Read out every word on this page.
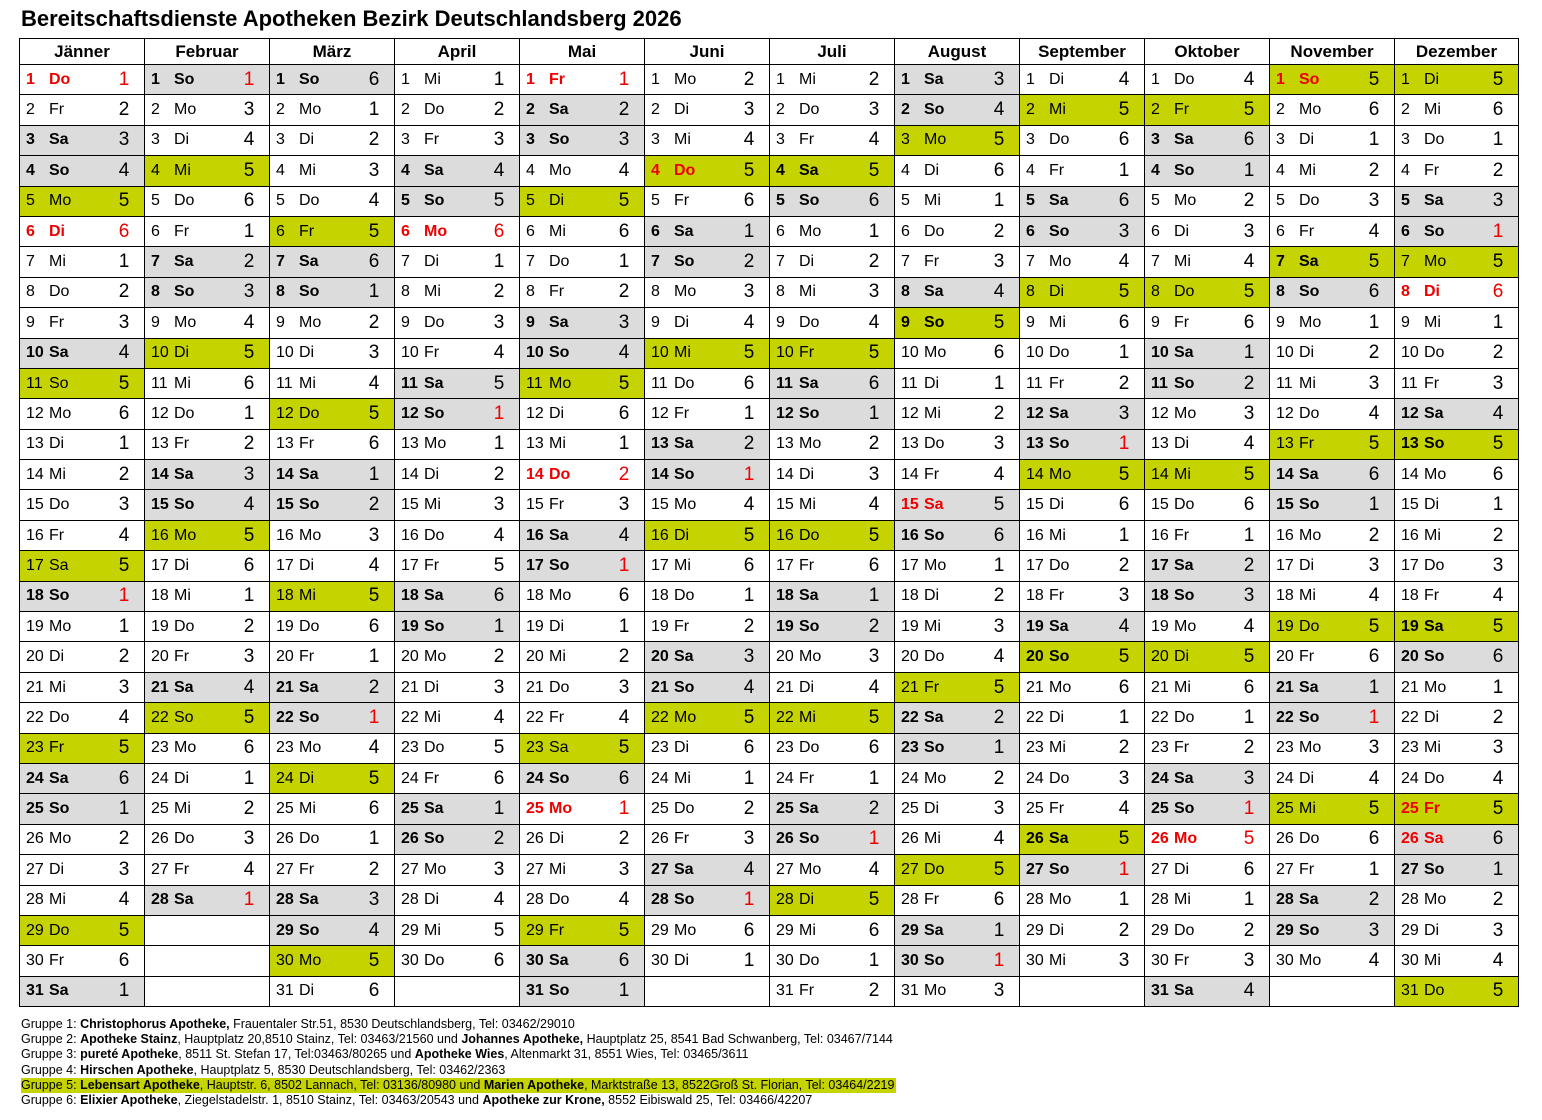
Bereitschaftsdienste Apotheken Bezirk Deutschlandsberg 2026
Jänner	Februar	März	April	Mai	Juni	Juli	August	September	Oktober	November	Dezember

1 Do 1	1 So 1	1 So 6	1 Mi 1	1 Fr 1	1 Mo 2	1 Mi 2	1 Sa 3	1 Di 4	1 Do 4	1 So 5	1 Di 5

2 Fr 2	2 Mo 3	2 Mo 1	2 Do 2	2 Sa 2	2 Di 3	2 Do 3	2 So 4	2 Mi 5	2 Fr 5	2 Mo 6	2 Mi 6

3 Sa 3	3 Di 4	3 Di 2	3 Fr 3	3 So 3	3 Mi 4	3 Fr 4	3 Mo 5	3 Do 6	3 Sa 6	3 Di 1	3 Do 1

4 So 4	4 Mi 5	4 Mi 3	4 Sa 4	4 Mo 4	4 Do 5	4 Sa 5	4 Di 6	4 Fr 1	4 So 1	4 Mi 2	4 Fr 2

5 Mo 5	5 Do 6	5 Do 4	5 So 5	5 Di 5	5 Fr 6	5 So 6	5 Mi 1	5 Sa 6	5 Mo 2	5 Do 3	5 Sa 3

6 Di 6	6 Fr 1	6 Fr 5	6 Mo 6	6 Mi 6	6 Sa 1	6 Mo 1	6 Do 2	6 So 3	6 Di 3	6 Fr 4	6 So 1

7 Mi 1	7 Sa 2	7 Sa 6	7 Di 1	7 Do 1	7 So 2	7 Di 2	7 Fr 3	7 Mo 4	7 Mi 4	7 Sa 5	7 Mo 5

8 Do 2	8 So 3	8 So 1	8 Mi 2	8 Fr 2	8 Mo 3	8 Mi 3	8 Sa 4	8 Di 5	8 Do 5	8 So 6	8 Di 6

9 Fr 3	9 Mo 4	9 Mo 2	9 Do 3	9 Sa 3	9 Di 4	9 Do 4	9 So 5	9 Mi 6	9 Fr 6	9 Mo 1	9 Mi 1

10 Sa 4	10 Di 5	10 Di 3	10 Fr 4	10 So 4	10 Mi 5	10 Fr 5	10 Mo 6	10 Do 1	10 Sa 1	10 Di 2	10 Do 2

11 So 5	11 Mi 6	11 Mi 4	11 Sa 5	11 Mo 5	11 Do 6	11 Sa 6	11 Di 1	11 Fr 2	11 So 2	11 Mi 3	11 Fr 3

12 Mo 6	12 Do 1	12 Do 5	12 So 1	12 Di 6	12 Fr 1	12 So 1	12 Mi 2	12 Sa 3	12 Mo 3	12 Do 4	12 Sa 4

13 Di 1	13 Fr 2	13 Fr 6	13 Mo 1	13 Mi 1	13 Sa 2	13 Mo 2	13 Do 3	13 So 1	13 Di 4	13 Fr 5	13 So 5

14 Mi 2	14 Sa 3	14 Sa 1	14 Di 2	14 Do 2	14 So 1	14 Di 3	14 Fr 4	14 Mo 5	14 Mi 5	14 Sa 6	14 Mo 6

15 Do 3	15 So 4	15 So 2	15 Mi 3	15 Fr 3	15 Mo 4	15 Mi 4	15 Sa 5	15 Di 6	15 Do 6	15 So 1	15 Di 1

16 Fr 4	16 Mo 5	16 Mo 3	16 Do 4	16 Sa 4	16 Di 5	16 Do 5	16 So 6	16 Mi 1	16 Fr 1	16 Mo 2	16 Mi 2

17 Sa 5	17 Di 6	17 Di 4	17 Fr 5	17 So 1	17 Mi 6	17 Fr 6	17 Mo 1	17 Do 2	17 Sa 2	17 Di 3	17 Do 3

18 So 1	18 Mi 1	18 Mi 5	18 Sa 6	18 Mo 6	18 Do 1	18 Sa 1	18 Di 2	18 Fr 3	18 So 3	18 Mi 4	18 Fr 4

19 Mo 1	19 Do 2	19 Do 6	19 So 1	19 Di 1	19 Fr 2	19 So 2	19 Mi 3	19 Sa 4	19 Mo 4	19 Do 5	19 Sa 5

20 Di 2	20 Fr 3	20 Fr 1	20 Mo 2	20 Mi 2	20 Sa 3	20 Mo 3	20 Do 4	20 So 5	20 Di 5	20 Fr 6	20 So 6

21 Mi 3	21 Sa 4	21 Sa 2	21 Di 3	21 Do 3	21 So 4	21 Di 4	21 Fr 5	21 Mo 6	21 Mi 6	21 Sa 1	21 Mo 1

22 Do 4	22 So 5	22 So 1	22 Mi 4	22 Fr 4	22 Mo 5	22 Mi 5	22 Sa 2	22 Di 1	22 Do 1	22 So 1	22 Di 2

23 Fr 5	23 Mo 6	23 Mo 4	23 Do 5	23 Sa 5	23 Di 6	23 Do 6	23 So 1	23 Mi 2	23 Fr 2	23 Mo 3	23 Mi 3

24 Sa 6	24 Di 1	24 Di 5	24 Fr 6	24 So 6	24 Mi 1	24 Fr 1	24 Mo 2	24 Do 3	24 Sa 3	24 Di 4	24 Do 4

25 So 1	25 Mi 2	25 Mi 6	25 Sa 1	25 Mo 1	25 Do 2	25 Sa 2	25 Di 3	25 Fr 4	25 So 1	25 Mi 5	25 Fr 5

26 Mo 2	26 Do 3	26 Do 1	26 So 2	26 Di 2	26 Fr 3	26 So 1	26 Mi 4	26 Sa 5	26 Mo 5	26 Do 6	26 Sa 6

27 Di 3	27 Fr 4	27 Fr 2	27 Mo 3	27 Mi 3	27 Sa 4	27 Mo 4	27 Do 5	27 So 1	27 Di 6	27 Fr 1	27 So 1

28 Mi 4	28 Sa 1	28 Sa 3	28 Di 4	28 Do 4	28 So 1	28 Di 5	28 Fr 6	28 Mo 1	28 Mi 1	28 Sa 2	28 Mo 2

29 Do 5		29 So 4	29 Mi 5	29 Fr 5	29 Mo 6	29 Mi 6	29 Sa 1	29 Di 2	29 Do 2	29 So 3	29 Di 3

30 Fr 6		30 Mo 5	30 Do 6	30 Sa 6	30 Di 1	30 Do 1	30 So 1	30 Mi 3	30 Fr 3	30 Mo 4	30 Mi 4

31 Sa 1		31 Di 6		31 So 1		31 Fr 2	31 Mo 3		31 Sa 4		31 Do 5
Gruppe 1: Christophorus Apotheke, Frauentaler Str.51, 8530 Deutschlandsberg, Tel: 03462/29010
Gruppe 2: Apotheke Stainz, Hauptplatz 20,8510 Stainz, Tel: 03463/21560 und Johannes Apotheke, Hauptplatz 25, 8541 Bad Schwanberg, Tel: 03467/7144
Gruppe 3: pureté Apotheke, 8511 St. Stefan 17, Tel:03463/80265 und Apotheke Wies, Altenmarkt 31, 8551 Wies, Tel: 03465/3611
Gruppe 4: Hirschen Apotheke, Hauptplatz 5, 8530 Deutschlandsberg, Tel: 03462/2363
Gruppe 5: Lebensart Apotheke, Hauptstr. 6, 8502 Lannach, Tel: 03136/80980 und Marien Apotheke, Marktstraße 13, 8522Groß St. Florian, Tel: 03464/2219
Gruppe 6: Elixier Apotheke, Ziegelstadelstr. 1, 8510 Stainz, Tel: 03463/20543 und Apotheke zur Krone, 8552 Eibiswald 25, Tel: 03466/42207
